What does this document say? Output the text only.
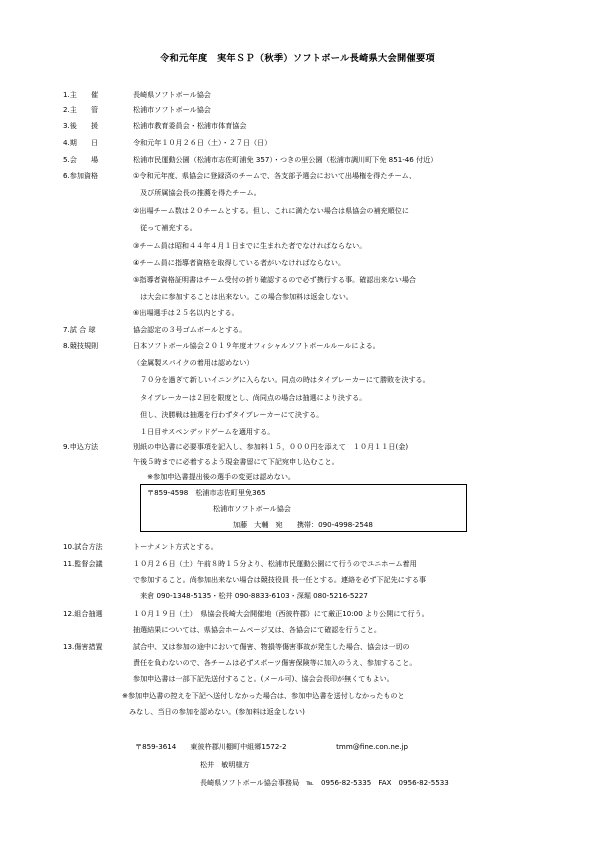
令和元年度　実年ＳＰ（秋季）ソフトボール長崎県大会開催要項
1.主　　催	長崎県ソフトボール協会
2.主　　管	松浦市ソフトボール協会
3.後　　援	松浦市教育委員会・松浦市体育協会
4.期　　日	令和元年１０月２６日（土）・２７日（日）
5.会　　場	松浦市民運動公園（松浦市志佐町浦免 357）・つきの里公園（松浦市調川町下免 851-46 付近）
6.参加資格	①令和元年度、県協会に登録済のチームで、各支部予選会において出場権を得たチーム、
　及び所属協会長の推薦を得たチーム。
②出場チーム数は２０チームとする。但し、これに満たない場合は県協会の補充順位に
　従って補充する。
③チーム員は昭和４４年４月１日までに生まれた者でなければならない。
④チーム員に指導者資格を取得している者がいなければならない。
⑤指導者資格証明書はチーム受付の折り確認するので必ず携行する事。確認出来ない場合
　は大会に参加することは出来ない。この場合参加料は返金しない。
⑥出場選手は２５名以内とする。
7.試 合 球	協会認定の３号ゴムボールとする。
8.競技規則	日本ソフトボール協会２０１９年度オフィシャルソフトボールルールによる。
（金属製スパイクの着用は認めない）
　７０分を過ぎて新しいイニングに入らない。同点の時はタイブレーカーにて勝敗を決する。
　タイブレーカーは２回を限度とし、尚同点の場合は抽選により決する。
　但し、決勝戦は抽選を行わずタイブレーカーにて決する。
　１日目サスペンデッドゲームを適用する。
9.申込方法	別紙の申込書に必要事項を記入し、参加料１５，０００円を添えて　１０月１１日(金)
午後５時までに必着するよう現金書留にて下記宛申し込むこと。
　　※参加申込書提出後の選手の変更は認めない。
〒859-4598　松浦市志佐町里免365
松浦市ソフトボール協会
加藤　大輔　宛　　携帯：090-4998-2548
10.試合方法	トーナメント方式とする。
11.監督会議	１０月２６日（土）午前８時１５分より、松浦市民運動公園にて行うのでユニホーム着用
で参加すること。尚参加出来ない場合は競技役員 長一任とする。連絡を必ず下記先にする事
　来倉 090-1348-5135・松井 090-8833-6103・深堀 080-5216-5227
12.組合抽選	１０月１９日（土）　県協会長崎大会開催地（西彼杵郡）にて厳正10:00 より公開にて行う。
抽選結果については、県協会ホームページ又は、各協会にて確認を行うこと。
13.傷害措置	試合中、又は参加の途中において傷害、物損等傷害事故が発生した場合、協会は一切の
責任を負わないので、各チームは必ずスポーツ傷害保険等に加入のうえ、参加すること。
参加申込書は一部下記先送付すること。(メール可)、協会会長印が無くてもよい。
※参加申込書の控えを下記へ送付しなかった場合は、参加申込書を送付しなかったものと
　みなし、当日の参加を認めない。(参加料は返金しない)
〒859-3614　　東彼杵郡川棚町中組郷1572-2　　　　　　　tmm@fine.con.ne.jp
松井　敏明様方
長崎県ソフトボール協会事務局　℡　0956-82-5335　FAX　0956-82-5533
